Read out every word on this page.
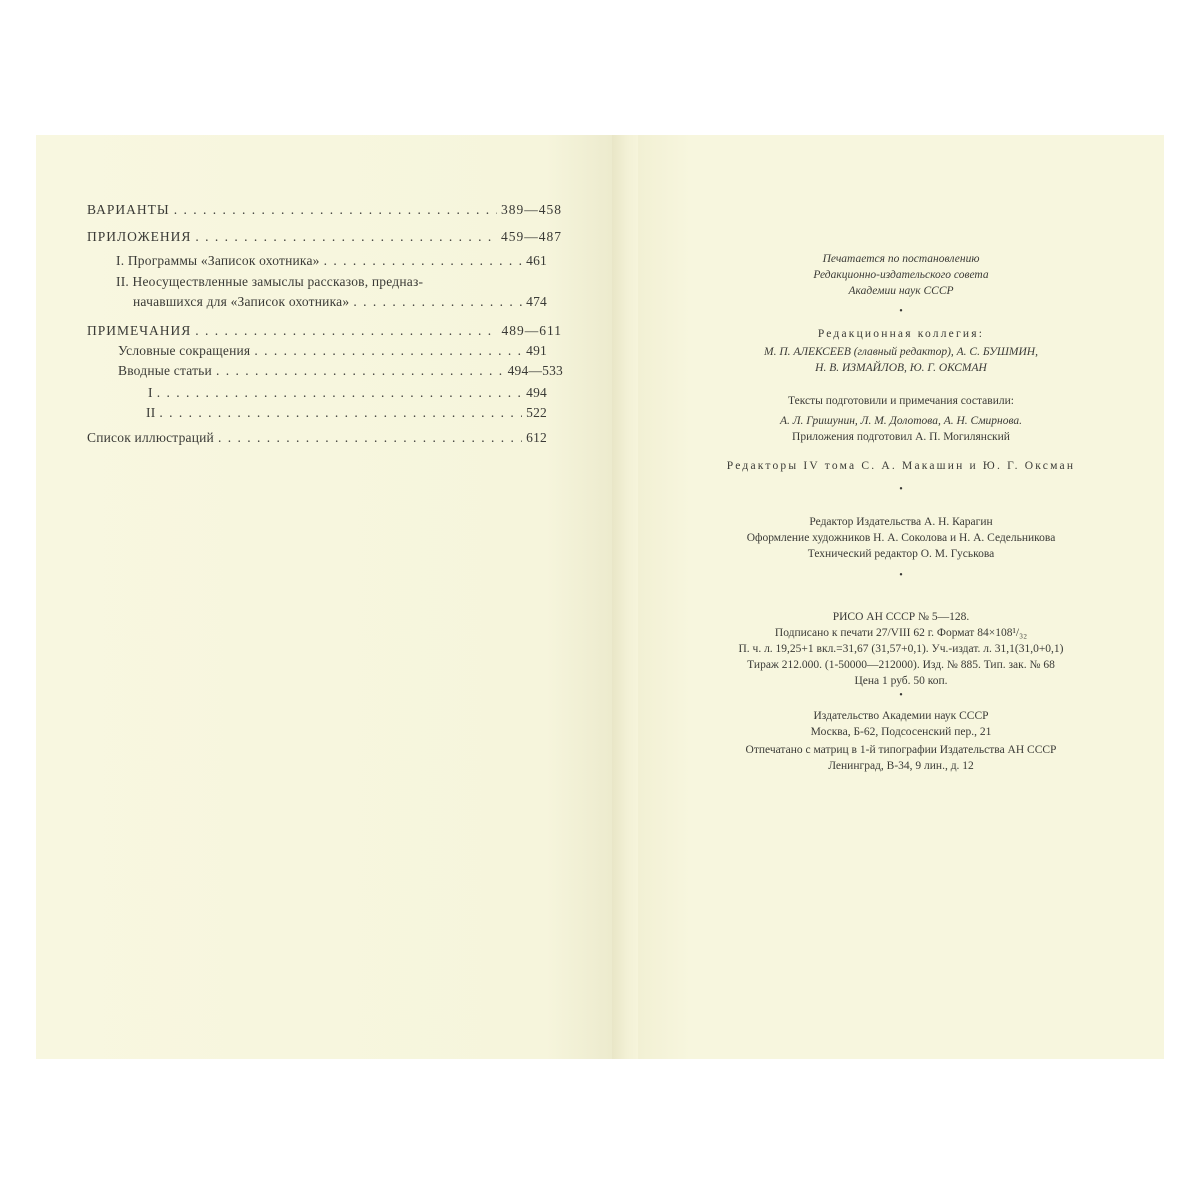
ВАРИАНТЫ . . .	389—458
ПРИЛОЖЕНИЯ . . .	459—487
I. Программы «Записок охотника» . . .	461
II. Неосуществленные замыслы рассказов, предназ-
начавшихся для «Записок охотника» . . .	474
ПРИМЕЧАНИЯ . . .	489—611
Условные сокращения . . .	491
Вводные статьи . . .	494—533
I . . .	494
II . . .	522
Список иллюстраций . . .	612
Печатается по постановлению
Редакционно-издательского совета
Академии наук СССР
•
Редакционная коллегия:
М. П. АЛЕКСЕЕВ (главный редактор), А. С. БУШМИН,
Н. В. ИЗМАЙЛОВ, Ю. Г. ОКСМАН
Тексты подготовили и примечания составили:
А. Л. Гришунин, Л. М. Долотова, А. Н. Смирнова.
Приложения подготовил А. П. Могилянский
Редакторы IV тома С. А. Макашин и Ю. Г. Оксман
•
Редактор Издательства А. Н. Карагин
Оформление художников Н. А. Соколова и Н. А. Седельникова
Технический редактор О. М. Гуськова
•
РИСО АН СССР № 5—128.
Подписано к печати 27/VIII 62 г. Формат 84×108¹/₃₂
П. ч. л. 19,25+1 вкл.=31,67 (31,57+0,1). Уч.-издат. л. 31,1(31,0+0,1)
Тираж 212.000. (1-50000—212000). Изд. № 885. Тип. зак. № 68
Цена 1 руб. 50 коп.
•
Издательство Академии наук СССР
Москва, Б-62, Подсосенский пер., 21
Отпечатано с матриц в 1-й типографии Издательства АН СССР
Ленинград, В-34, 9 лин., д. 12
